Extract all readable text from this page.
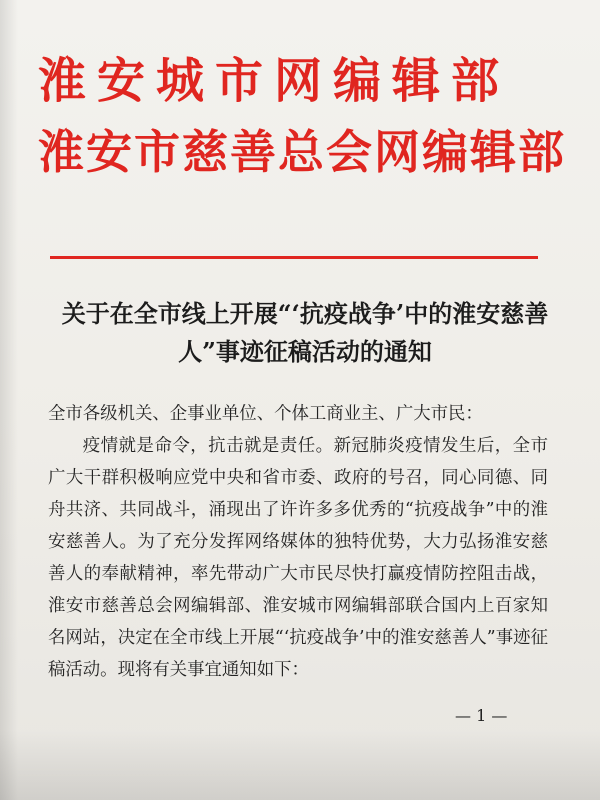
淮安城市网编辑部
淮安市慈善总会网编辑部
关于在全市线上开展“‘抗疫战争’中的淮安慈善人”事迹征稿活动的通知

全市各级机关、企事业单位、个体工商业主、广大市民：

疫情就是命令，抗击就是责任。新冠肺炎疫情发生后，全市广大干群积极响应党中央和省市委、政府的号召，同心同德、同舟共济、共同战斗，涌现出了许许多多优秀的“抗疫战争”中的淮安慈善人。为了充分发挥网络媒体的独特优势，大力弘扬淮安慈善人的奉献精神，率先带动广大市民尽快打赢疫情防控阻击战，淮安市慈善总会网编辑部、淮安城市网编辑部联合国内上百家知名网站，决定在全市线上开展“‘抗疫战争’中的淮安慈善人”事迹征稿活动。现将有关事宜通知如下：

— 1 —
